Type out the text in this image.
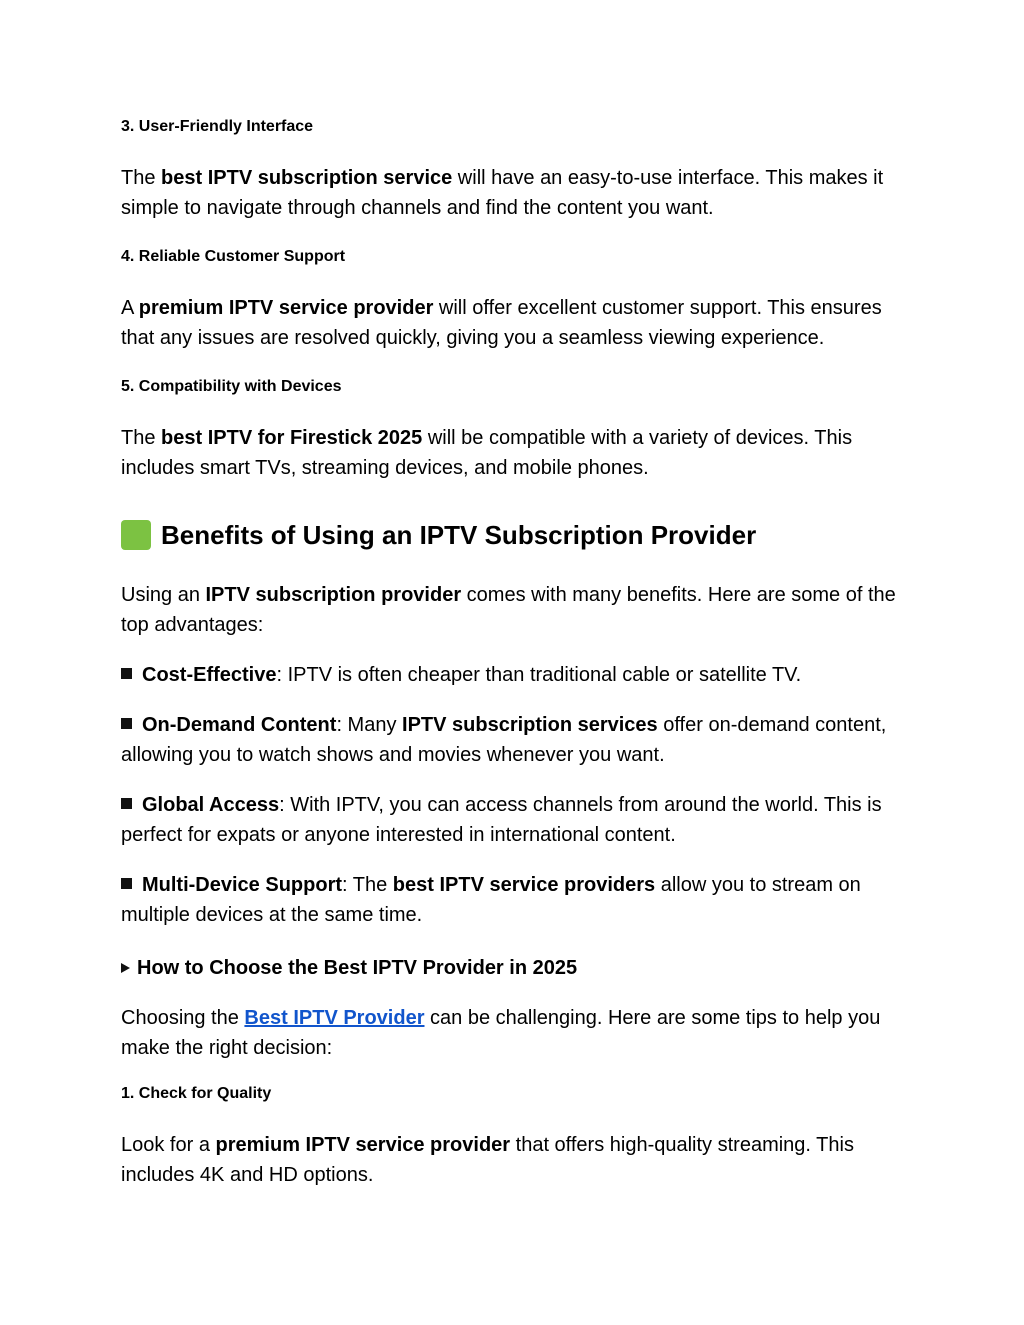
3. User-Friendly Interface

The best IPTV subscription service will have an easy-to-use interface. This makes it simple to navigate through channels and find the content you want.

4. Reliable Customer Support

A premium IPTV service provider will offer excellent customer support. This ensures that any issues are resolved quickly, giving you a seamless viewing experience.

5. Compatibility with Devices

The best IPTV for Firestick 2025 will be compatible with a variety of devices. This includes smart TVs, streaming devices, and mobile phones.

Benefits of Using an IPTV Subscription Provider

Using an IPTV subscription provider comes with many benefits. Here are some of the top advantages:

Cost-Effective: IPTV is often cheaper than traditional cable or satellite TV.

On-Demand Content: Many IPTV subscription services offer on-demand content, allowing you to watch shows and movies whenever you want.

Global Access: With IPTV, you can access channels from around the world. This is perfect for expats or anyone interested in international content.

Multi-Device Support: The best IPTV service providers allow you to stream on multiple devices at the same time.

How to Choose the Best IPTV Provider in 2025

Choosing the Best IPTV Provider can be challenging. Here are some tips to help you make the right decision:

1. Check for Quality

Look for a premium IPTV service provider that offers high-quality streaming. This includes 4K and HD options.
